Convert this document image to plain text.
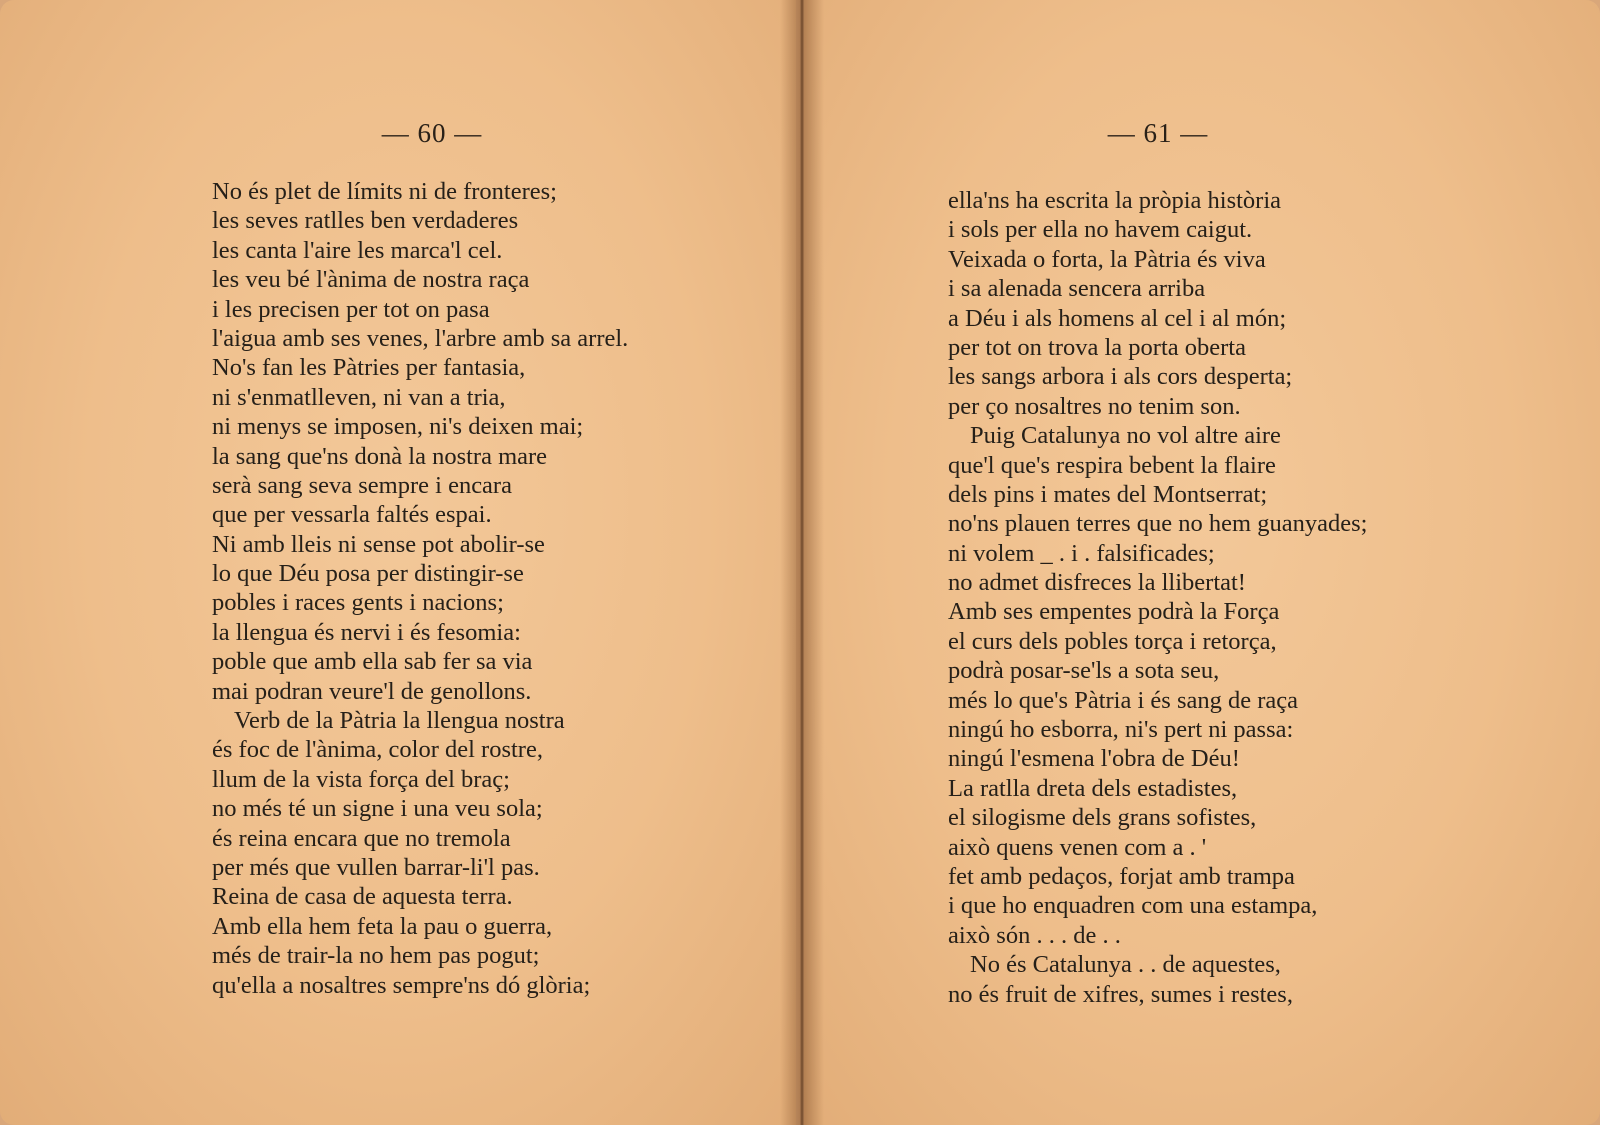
— 60 —	— 61 —
No és plet de límits ni de fronteres;
les seves ratlles ben verdaderes
les canta l'aire les marca'l cel.
les veu bé l'ànima de nostra raça
i les precisen per tot on pasa
l'aigua amb ses venes, l'arbre amb sa arrel.
No's fan les Pàtries per fantasia,
ni s'enmatlleven, ni van a tria,
ni menys se imposen, ni's deixen mai;
la sang que'ns donà la nostra mare
serà sang seva sempre i encara
que per vessarla faltés espai.
Ni amb lleis ni sense pot abolir-se
lo que Déu posa per distingir-se
pobles i races gents i nacions;
la llengua és nervi i és fesomia:
poble que amb ella sab fer sa via
mai podran veure'l de genollons.
Verb de la Pàtria la llengua nostra
és foc de l'ànima, color del rostre,
llum de la vista força del braç;
no més té un signe i una veu sola;
és reina encara que no tremola
per més que vullen barrar-li'l pas.
Reina de casa de aquesta terra.
Amb ella hem feta la pau o guerra,
més de trair-la no hem pas pogut;
qu'ella a nosaltres sempre'ns dó glòria;
ella'ns ha escrita la pròpia història
i sols per ella no havem caigut.
Veixada o forta, la Pàtria és viva
i sa alenada sencera arriba
a Déu i als homens al cel i al món;
per tot on trova la porta oberta
les sangs arbora i als cors desperta;
per ço nosaltres no tenim son.
Puig Catalunya no vol altre aire
que'l que's respira bebent la flaire
dels pins i mates del Montserrat;
no'ns plauen terres que no hem guanyades;
ni volem _ . i . falsificades;
no admet disfreces la llibertat!
Amb ses empentes podrà la Força
el curs dels pobles torça i retorça,
podrà posar-se'ls a sota seu,
més lo que's Pàtria i és sang de raça
ningú ho esborra, ni's pert ni passa:
ningú l'esmena l'obra de Déu!
La ratlla dreta dels estadistes,
el silogisme dels grans sofistes,
això quens venen com a . '
fet amb pedaços, forjat amb trampa
i que ho enquadren com una estampa,
això són . . . de . .
No és Catalunya . . de aquestes,
no és fruit de xifres, sumes i restes,
